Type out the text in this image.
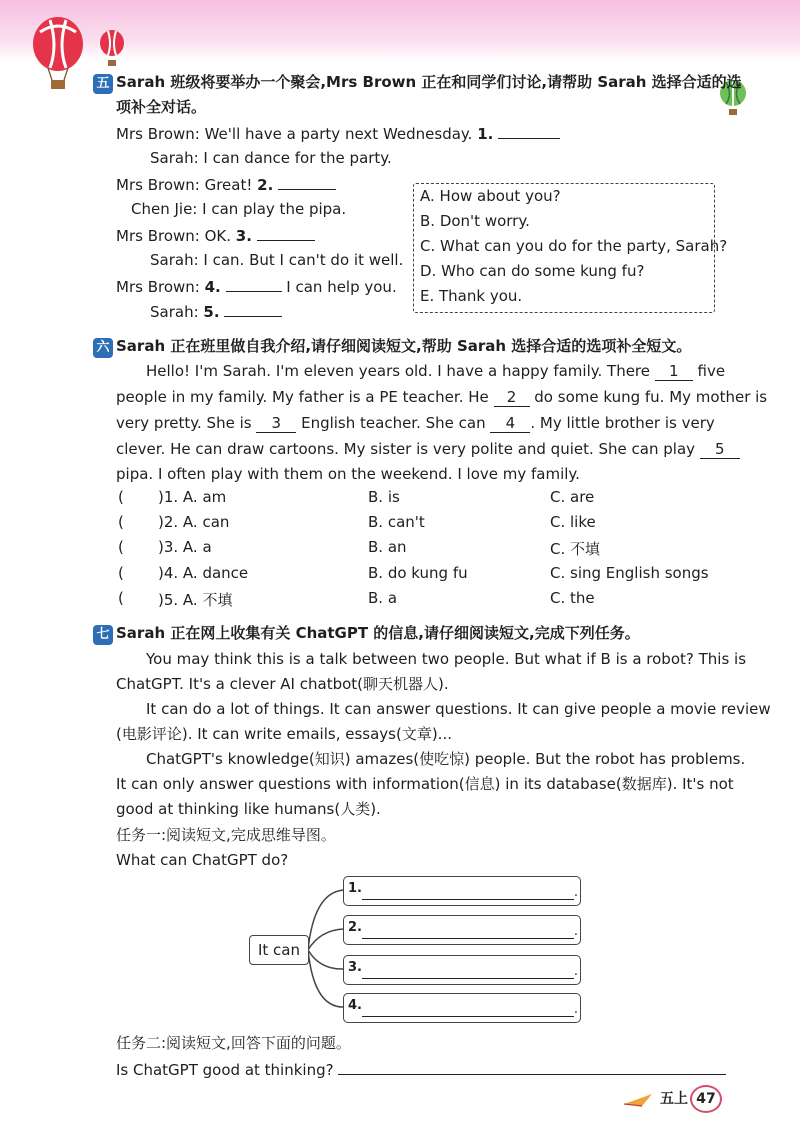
五 Sarah 班级将要举办一个聚会,Mrs Brown 正在和同学们讨论,请帮助 Sarah 选择合适的选
项补全对话。
Mrs Brown: We'll have a party next Wednesday. 1.
Sarah: I can dance for the party.
Mrs Brown: Great! 2.
Chen Jie: I can play the pipa.
Mrs Brown: OK. 3.
Sarah: I can. But I can't do it well.
Mrs Brown: 4.	I can help you.
Sarah: 5.
A. How about you?
B. Don't worry.
C. What can you do for the party, Sarah?
D. Who can do some kung fu?
E. Thank you.
六 Sarah 正在班里做自我介绍,请仔细阅读短文,帮助 Sarah 选择合适的选项补全短文。
Hello! I'm Sarah. I'm eleven years old. I have a happy family. There 1 five
people in my family. My father is a PE teacher. He 2 do some kung fu. My mother is
very pretty. She is 3 English teacher. She can 4 . My little brother is very
clever. He can draw cartoons. My sister is very polite and quiet. She can play 5
pipa. I often play with them on the weekend. I love my family.
( )1. A. am	B. is	C. are
( )2. A. can	B. can't	C. like
( )3. A. a	B. an	C. 不填
( )4. A. dance	B. do kung fu	C. sing English songs
( )5. A. 不填	B. a	C. the
七 Sarah 正在网上收集有关 ChatGPT 的信息,请仔细阅读短文,完成下列任务。
You may think this is a talk between two people. But what if B is a robot? This is
ChatGPT. It's a clever AI chatbot(聊天机器人).
It can do a lot of things. It can answer questions. It can give people a movie review
(电影评论). It can write emails, essays(文章)...
ChatGPT's knowledge(知识) amazes(使吃惊) people. But the robot has problems.
It can only answer questions with information(信息) in its database(数据库). It's not
good at thinking like humans(人类).
任务一:阅读短文,完成思维导图。
What can ChatGPT do?
It can
1.	.
2.	.
3.	.
4.	.
任务二:阅读短文,回答下面的问题。
Is ChatGPT good at thinking?
五上 47
